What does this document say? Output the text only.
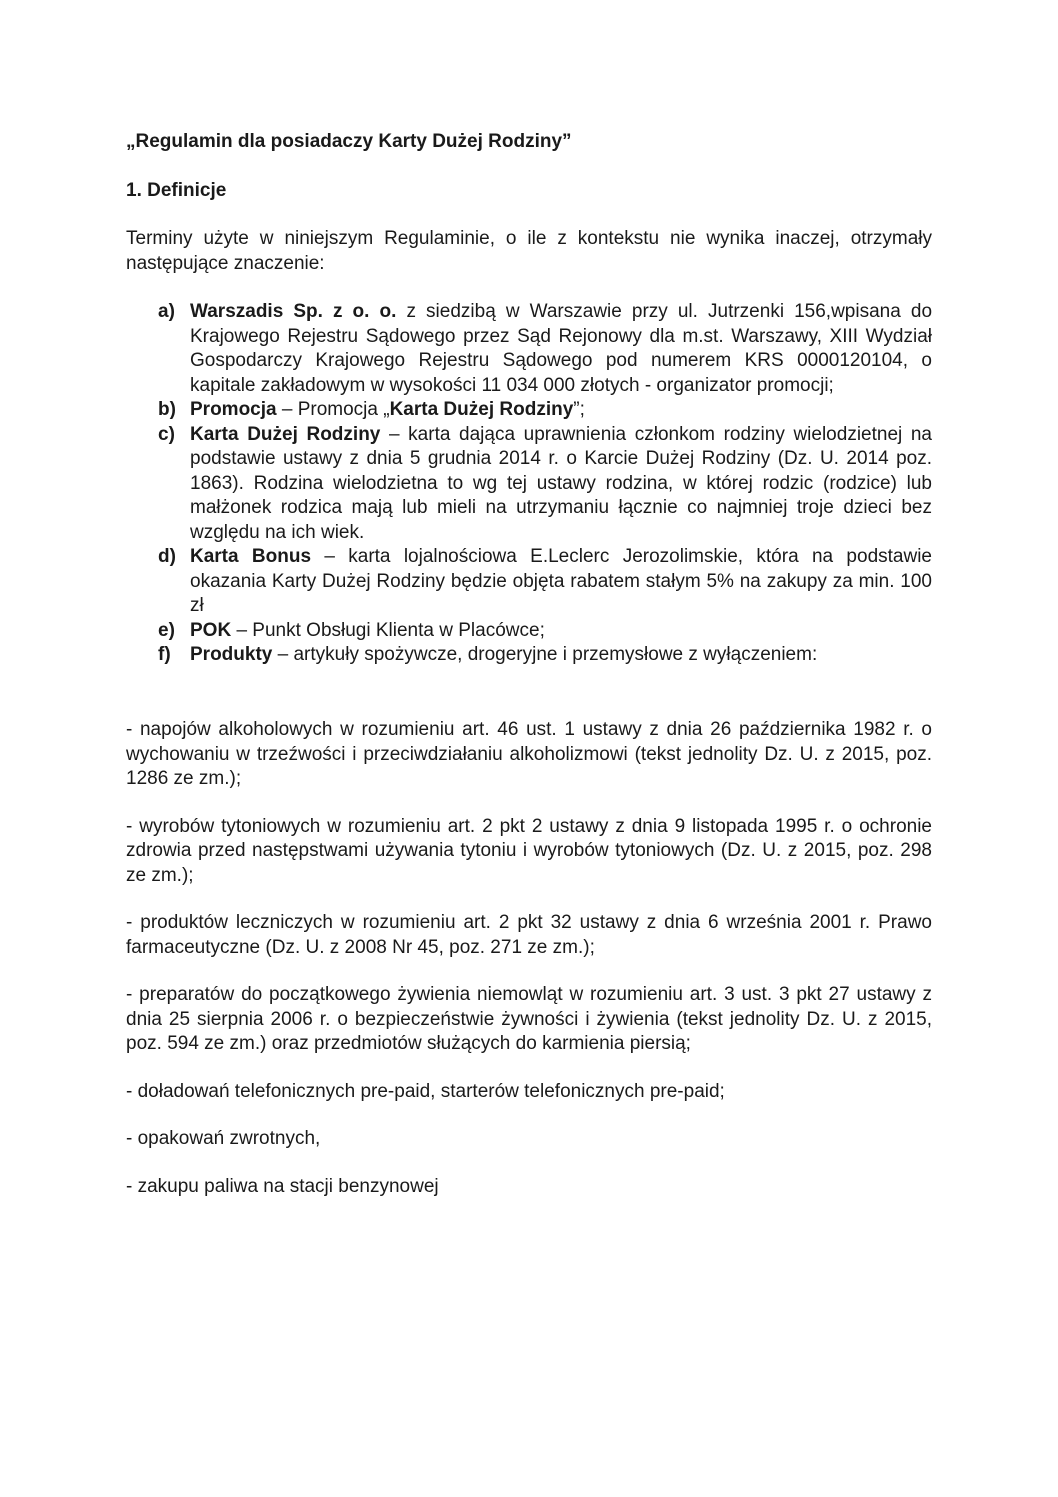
„Regulamin dla posiadaczy Karty Dużej Rodziny”
1. Definicje

Terminy użyte w niniejszym Regulaminie, o ile z kontekstu nie wynika inaczej, otrzymały następujące znaczenie:

a) Warszadis Sp. z o. o. z siedzibą w Warszawie przy ul. Jutrzenki 156,wpisana do Krajowego Rejestru Sądowego przez Sąd Rejonowy dla m.st. Warszawy, XIII Wydział Gospodarczy Krajowego Rejestru Sądowego pod numerem KRS 0000120104, o kapitale zakładowym w wysokości 11 034 000 złotych - organizator promocji;
b) Promocja – Promocja „Karta Dużej Rodziny”;
c) Karta Dużej Rodziny – karta dająca uprawnienia członkom rodziny wielodzietnej na podstawie ustawy z dnia 5 grudnia 2014 r. o Karcie Dużej Rodziny (Dz. U. 2014 poz. 1863). Rodzina wielodzietna to wg tej ustawy rodzina, w której rodzic (rodzice) lub małżonek rodzica mają lub mieli na utrzymaniu łącznie co najmniej troje dzieci bez względu na ich wiek.
d) Karta Bonus – karta lojalnościowa E.Leclerc Jerozolimskie, która na podstawie okazania Karty Dużej Rodziny będzie objęta rabatem stałym 5% na zakupy za min. 100 zł
e) POK – Punkt Obsługi Klienta w Placówce;
f) Produkty – artykuły spożywcze, drogeryjne i przemysłowe z wyłączeniem:

- napojów alkoholowych w rozumieniu art. 46 ust. 1 ustawy z dnia 26 października 1982 r. o wychowaniu w trzeźwości i przeciwdziałaniu alkoholizmowi (tekst jednolity Dz. U. z 2015, poz. 1286 ze zm.);

- wyrobów tytoniowych w rozumieniu art. 2 pkt 2 ustawy z dnia 9 listopada 1995 r. o ochronie zdrowia przed następstwami używania tytoniu i wyrobów tytoniowych (Dz. U. z 2015, poz. 298 ze zm.);

- produktów leczniczych w rozumieniu art. 2 pkt 32 ustawy z dnia 6 września 2001 r. Prawo farmaceutyczne (Dz. U. z 2008 Nr 45, poz. 271 ze zm.);

- preparatów do początkowego żywienia niemowląt w rozumieniu art. 3 ust. 3 pkt 27 ustawy z dnia 25 sierpnia 2006 r. o bezpieczeństwie żywności i żywienia (tekst jednolity Dz. U. z 2015, poz. 594 ze zm.) oraz przedmiotów służących do karmienia piersią;

- doładowań telefonicznych pre-paid, starterów telefonicznych pre-paid;

- opakowań zwrotnych,

- zakupu paliwa na stacji benzynowej
